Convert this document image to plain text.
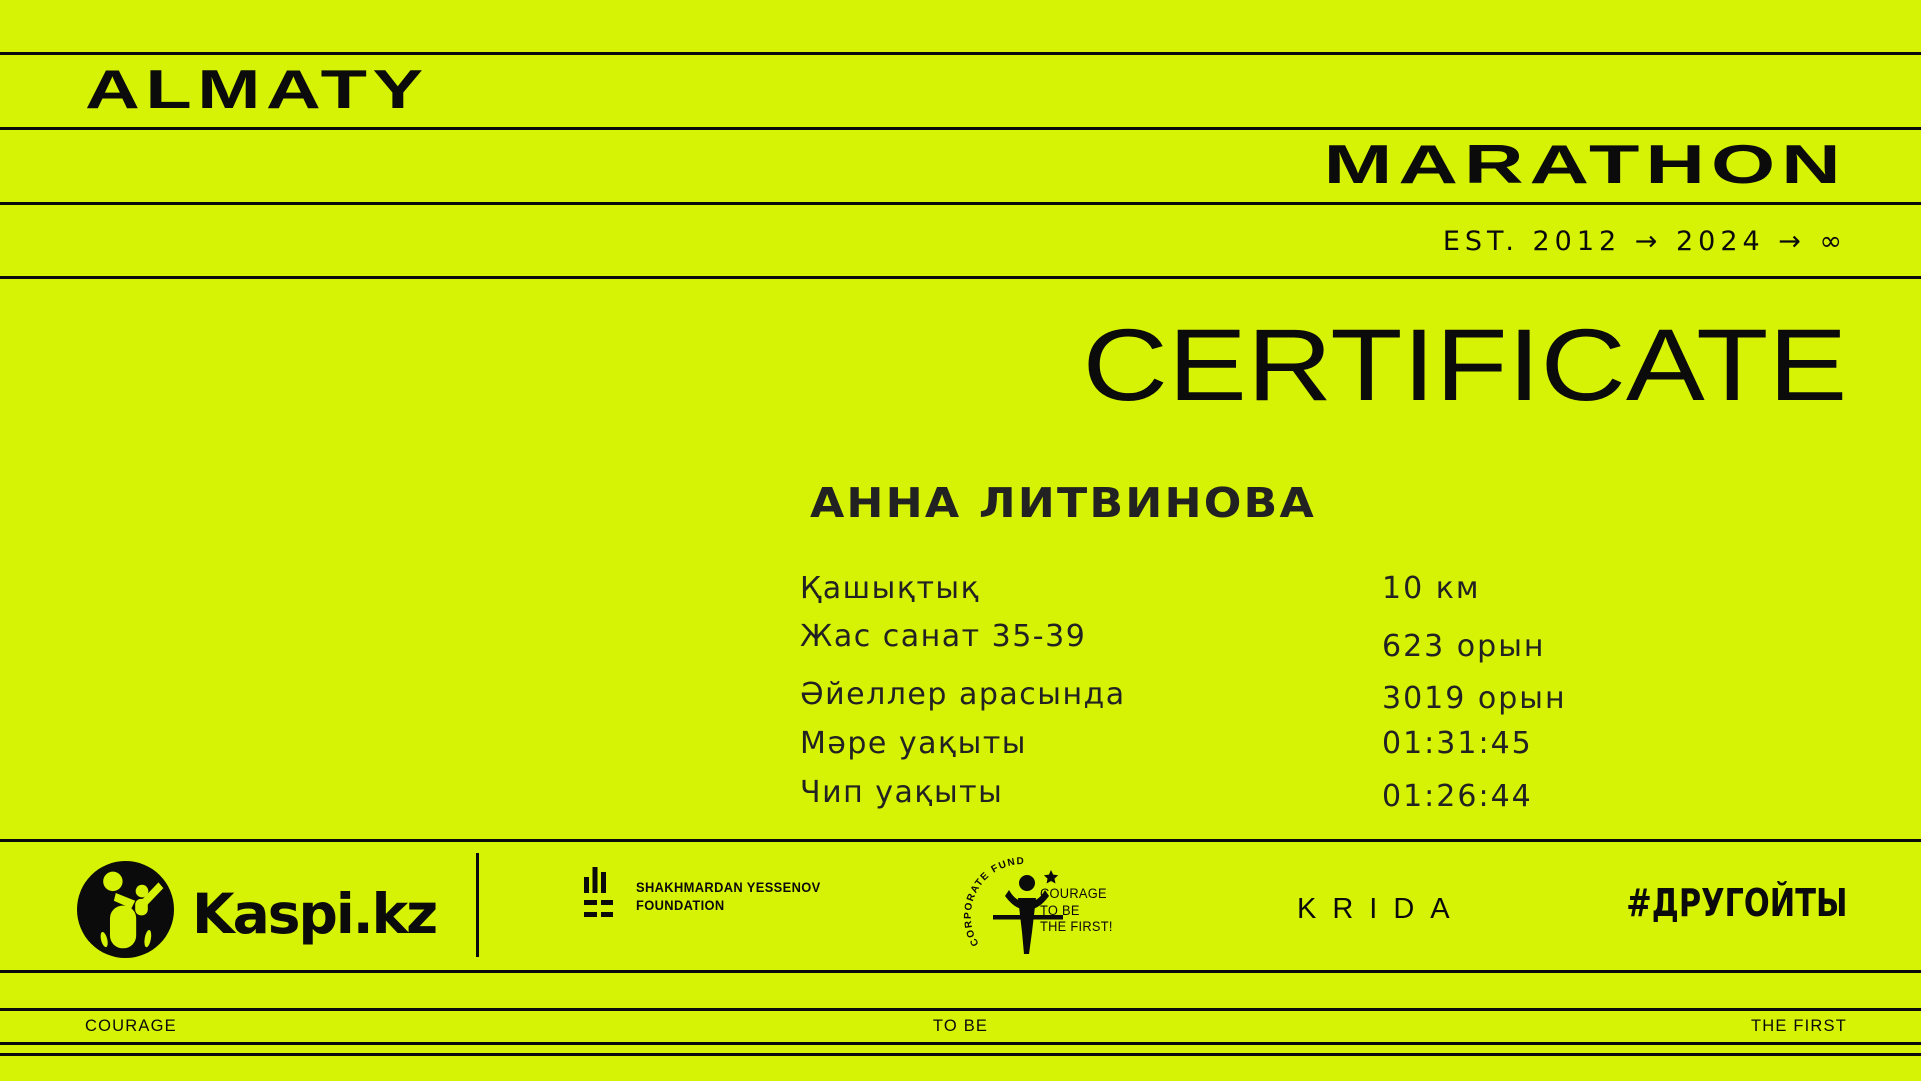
ALMATY
MARATHON
EST. 2012 → 2024 → ∞
CERTIFICATE
АННА ЛИТВИНОВА
Қашықтық	10 км
Жас санат 35-39	623 орын
Әйеллер арасында	3019 орын
Мәре уақыты	01:31:45
Чип уақыты	01:26:44
Kaspi.kz	SHAKHMARDAN YESSENOV
FOUNDATION
CORPORATE FUND
COURAGE
TO BE
THE FIRST!
KRIDA	#ДРУГОЙТЫ
COURAGE	TO BE	THE FIRST
